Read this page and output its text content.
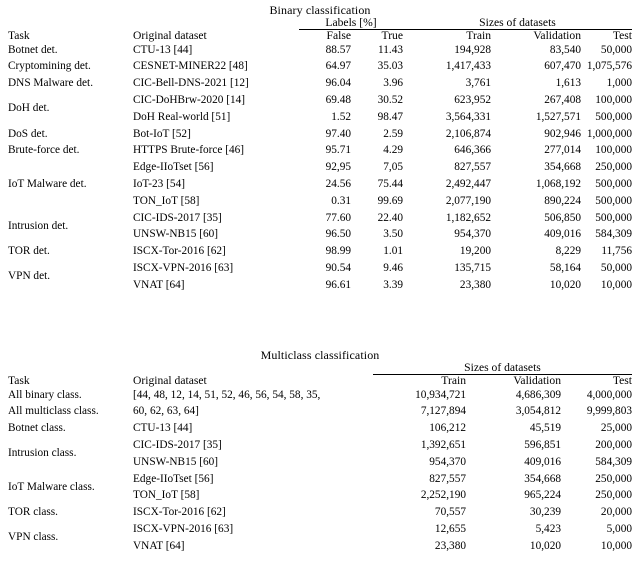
Binary classification						

		Labels [%]		Sizes of datasets		
Task	Original dataset	False	True	Train	Validation	Test

Botnet det.	CTU-13 [44]	88.57	11.43	194,928	83,540	50,000

Cryptomining det.	CESNET-MINER22 [48]	64.97	35.03	1,417,433	607,470	1,075,576

DNS Malware det.	CIC-Bell-DNS-2021 [12]	96.04	3.96	3,761	1,613	1,000

DoH det.	CIC-DoHBrw-2020 [14]	69.48	30.52	623,952	267,408	100,000
	DoH Real-world [51]	1.52	98.47	3,564,331	1,527,571	500,000

DoS det.	Bot-IoT [52]	97.40	2.59	2,106,874	902,946	1,000,000

Brute-force det.	HTTPS Brute-force [46]	95.71	4.29	646,366	277,014	100,000

IoT Malware det.	Edge-IIoTset [56]	92,95	7,05	827,557	354,668	250,000
	IoT-23 [54]	24.56	75.44	2,492,447	1,068,192	500,000
	TON_IoT [58]	0.31	99.69	2,077,190	890,224	500,000

Intrusion det.	CIC-IDS-2017 [35]	77.60	22.40	1,182,652	506,850	500,000
	UNSW-NB15 [60]	96.50	3.50	954,370	409,016	584,309

TOR det.	ISCX-Tor-2016 [62]	98.99	1.01	19,200	8,229	11,756

VPN det.	ISCX-VPN-2016 [63]	90.54	9.46	135,715	58,164	50,000
	VNAT [64]	96.61	3.39	23,380	10,020	10,000

Multiclass classification				

		Sizes of datasets		
Task	Original dataset	Train	Validation	Test

All binary class.	[44, 48, 12, 14, 51, 52, 46, 56, 54, 58, 35,	10,934,721	4,686,309	4,000,000
All multiclass class.	60, 62, 63, 64]	7,127,894	3,054,812	9,999,803

Botnet class.	CTU-13 [44]	106,212	45,519	25,000

Intrusion class.	CIC-IDS-2017 [35]	1,392,651	596,851	200,000
	UNSW-NB15 [60]	954,370	409,016	584,309

IoT Malware class.	Edge-IIoTset [56]	827,557	354,668	250,000
	TON_IoT [58]	2,252,190	965,224	250,000

TOR class.	ISCX-Tor-2016 [62]	70,557	30,239	20,000

VPN class.	ISCX-VPN-2016 [63]	12,655	5,423	5,000
	VNAT [64]	23,380	10,020	10,000
